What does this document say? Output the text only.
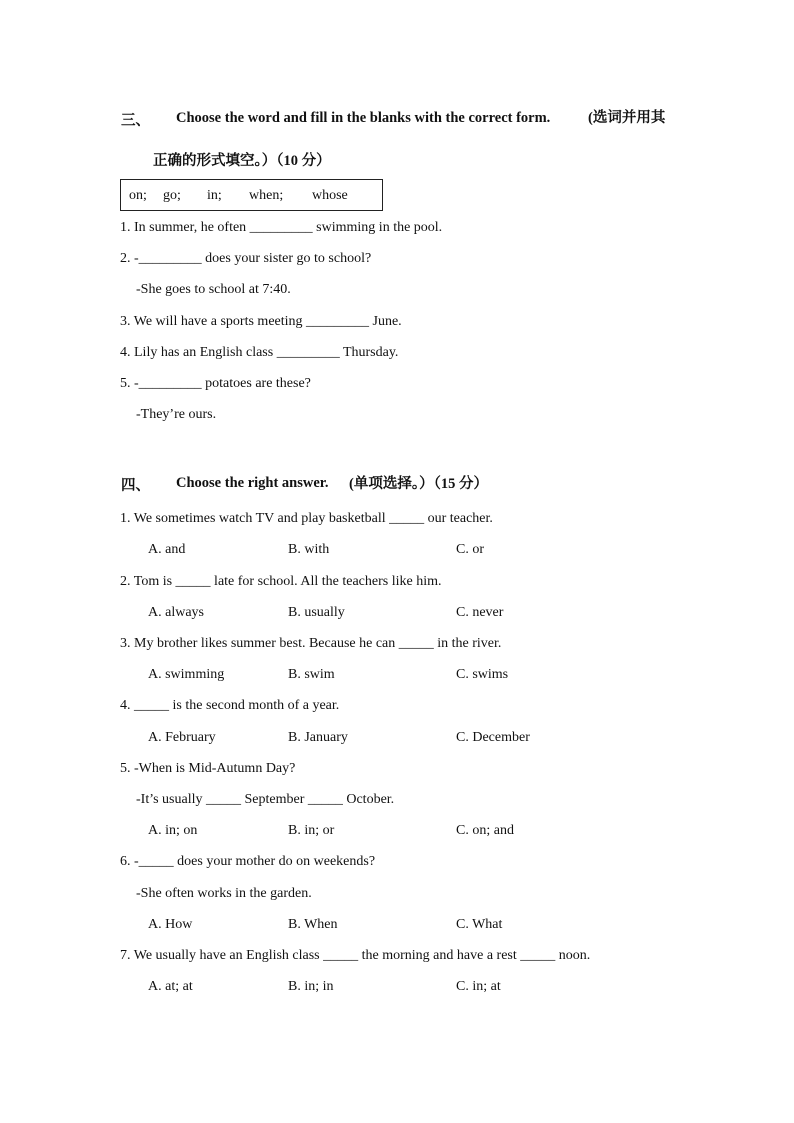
三、 Choose the word and fill in the blanks with the correct form.	(选词并用其
正确的形式填空。）（10 分）
on; go; in; when; whose
1. In summer, he often _________ swimming in the pool.
2. -_________ does your sister go to school?
-She goes to school at 7:40.
3. We will have a sports meeting _________ June.
4. Lily has an English class _________ Thursday.
5. -_________ potatoes are these?
-They’re ours.
四、 Choose the right answer. (单项选择。）（15 分）
1. We sometimes watch TV and play basketball _____ our teacher.
A. and	B. with	C. or
2. Tom is _____ late for school. All the teachers like him.
A. always	B. usually	C. never
3. My brother likes summer best. Because he can _____ in the river.
A. swimming	B. swim	C. swims
4. _____ is the second month of a year.
A. February	B. January	C. December
5. -When is Mid-Autumn Day?
-It’s usually _____ September _____ October.
A. in; on	B. in; or	C. on; and
6. -_____ does your mother do on weekends?
-She often works in the garden.
A. How	B. When	C. What
7. We usually have an English class _____ the morning and have a rest _____ noon.
A. at; at	B. in; in	C. in; at
